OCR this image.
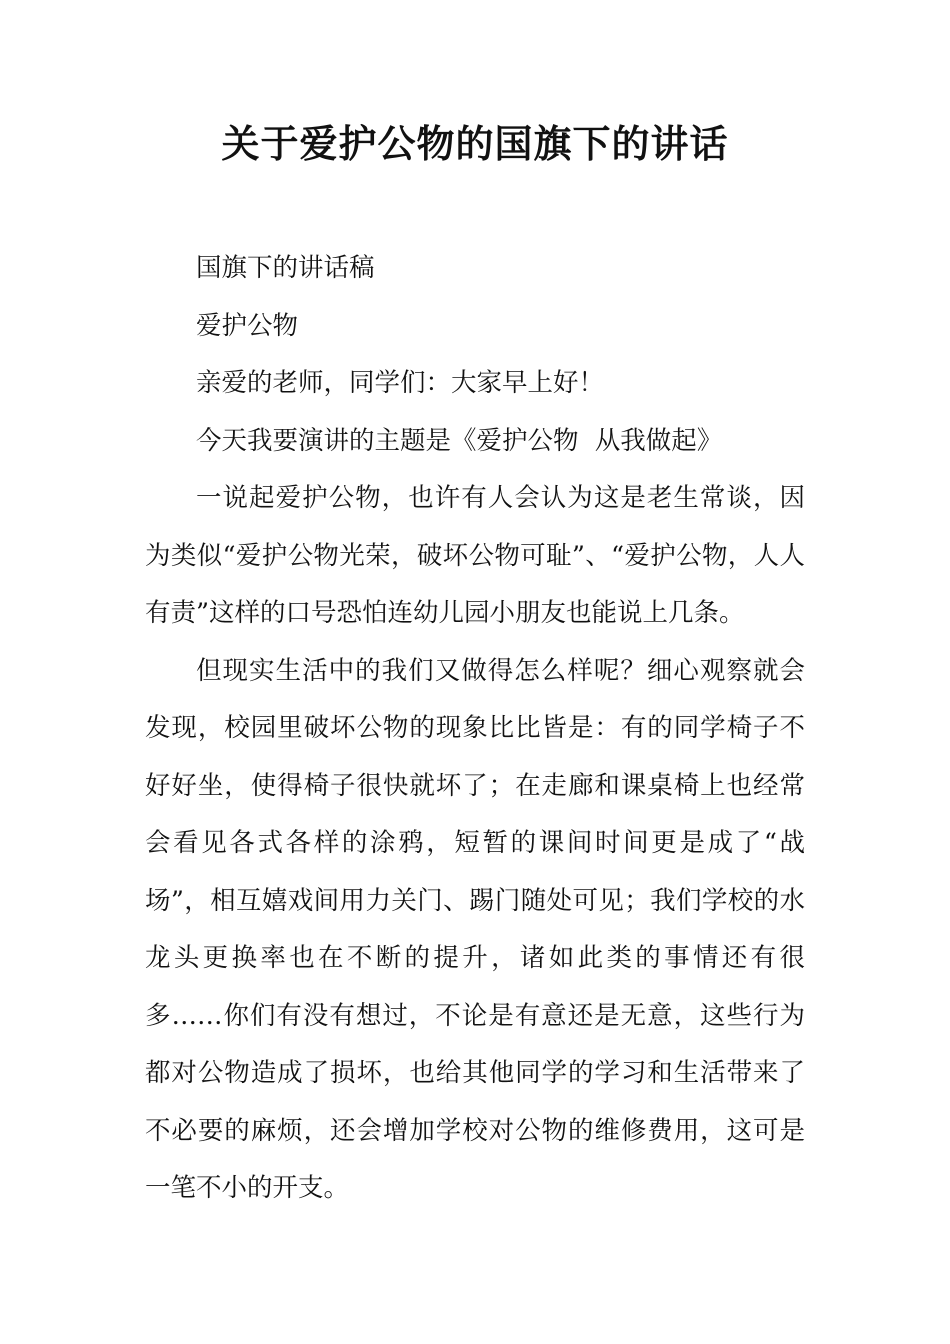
关于爱护公物的国旗下的讲话

国旗下的讲话稿

爱护公物

亲爱的老师，同学们：大家早上好！

今天我要演讲的主题是《爱护公物  从我做起》

一说起爱护公物，也许有人会认为这是老生常谈，因为类似“爱护公物光荣，破坏公物可耻”、“爱护公物，人人有责”这样的口号恐怕连幼儿园小朋友也能说上几条。

但现实生活中的我们又做得怎么样呢？细心观察就会发现，校园里破坏公物的现象比比皆是：有的同学椅子不好好坐，使得椅子很快就坏了；在走廊和课桌椅上也经常会看见各式各样的涂鸦，短暂的课间时间更是成了“战场”，相互嬉戏间用力关门、踢门随处可见；我们学校的水龙头更换率也在不断的提升，诸如此类的事情还有很多……你们有没有想过，不论是有意还是无意，这些行为都对公物造成了损坏，也给其他同学的学习和生活带来了不必要的麻烦，还会增加学校对公物的维修费用，这可是一笔不小的开支。
